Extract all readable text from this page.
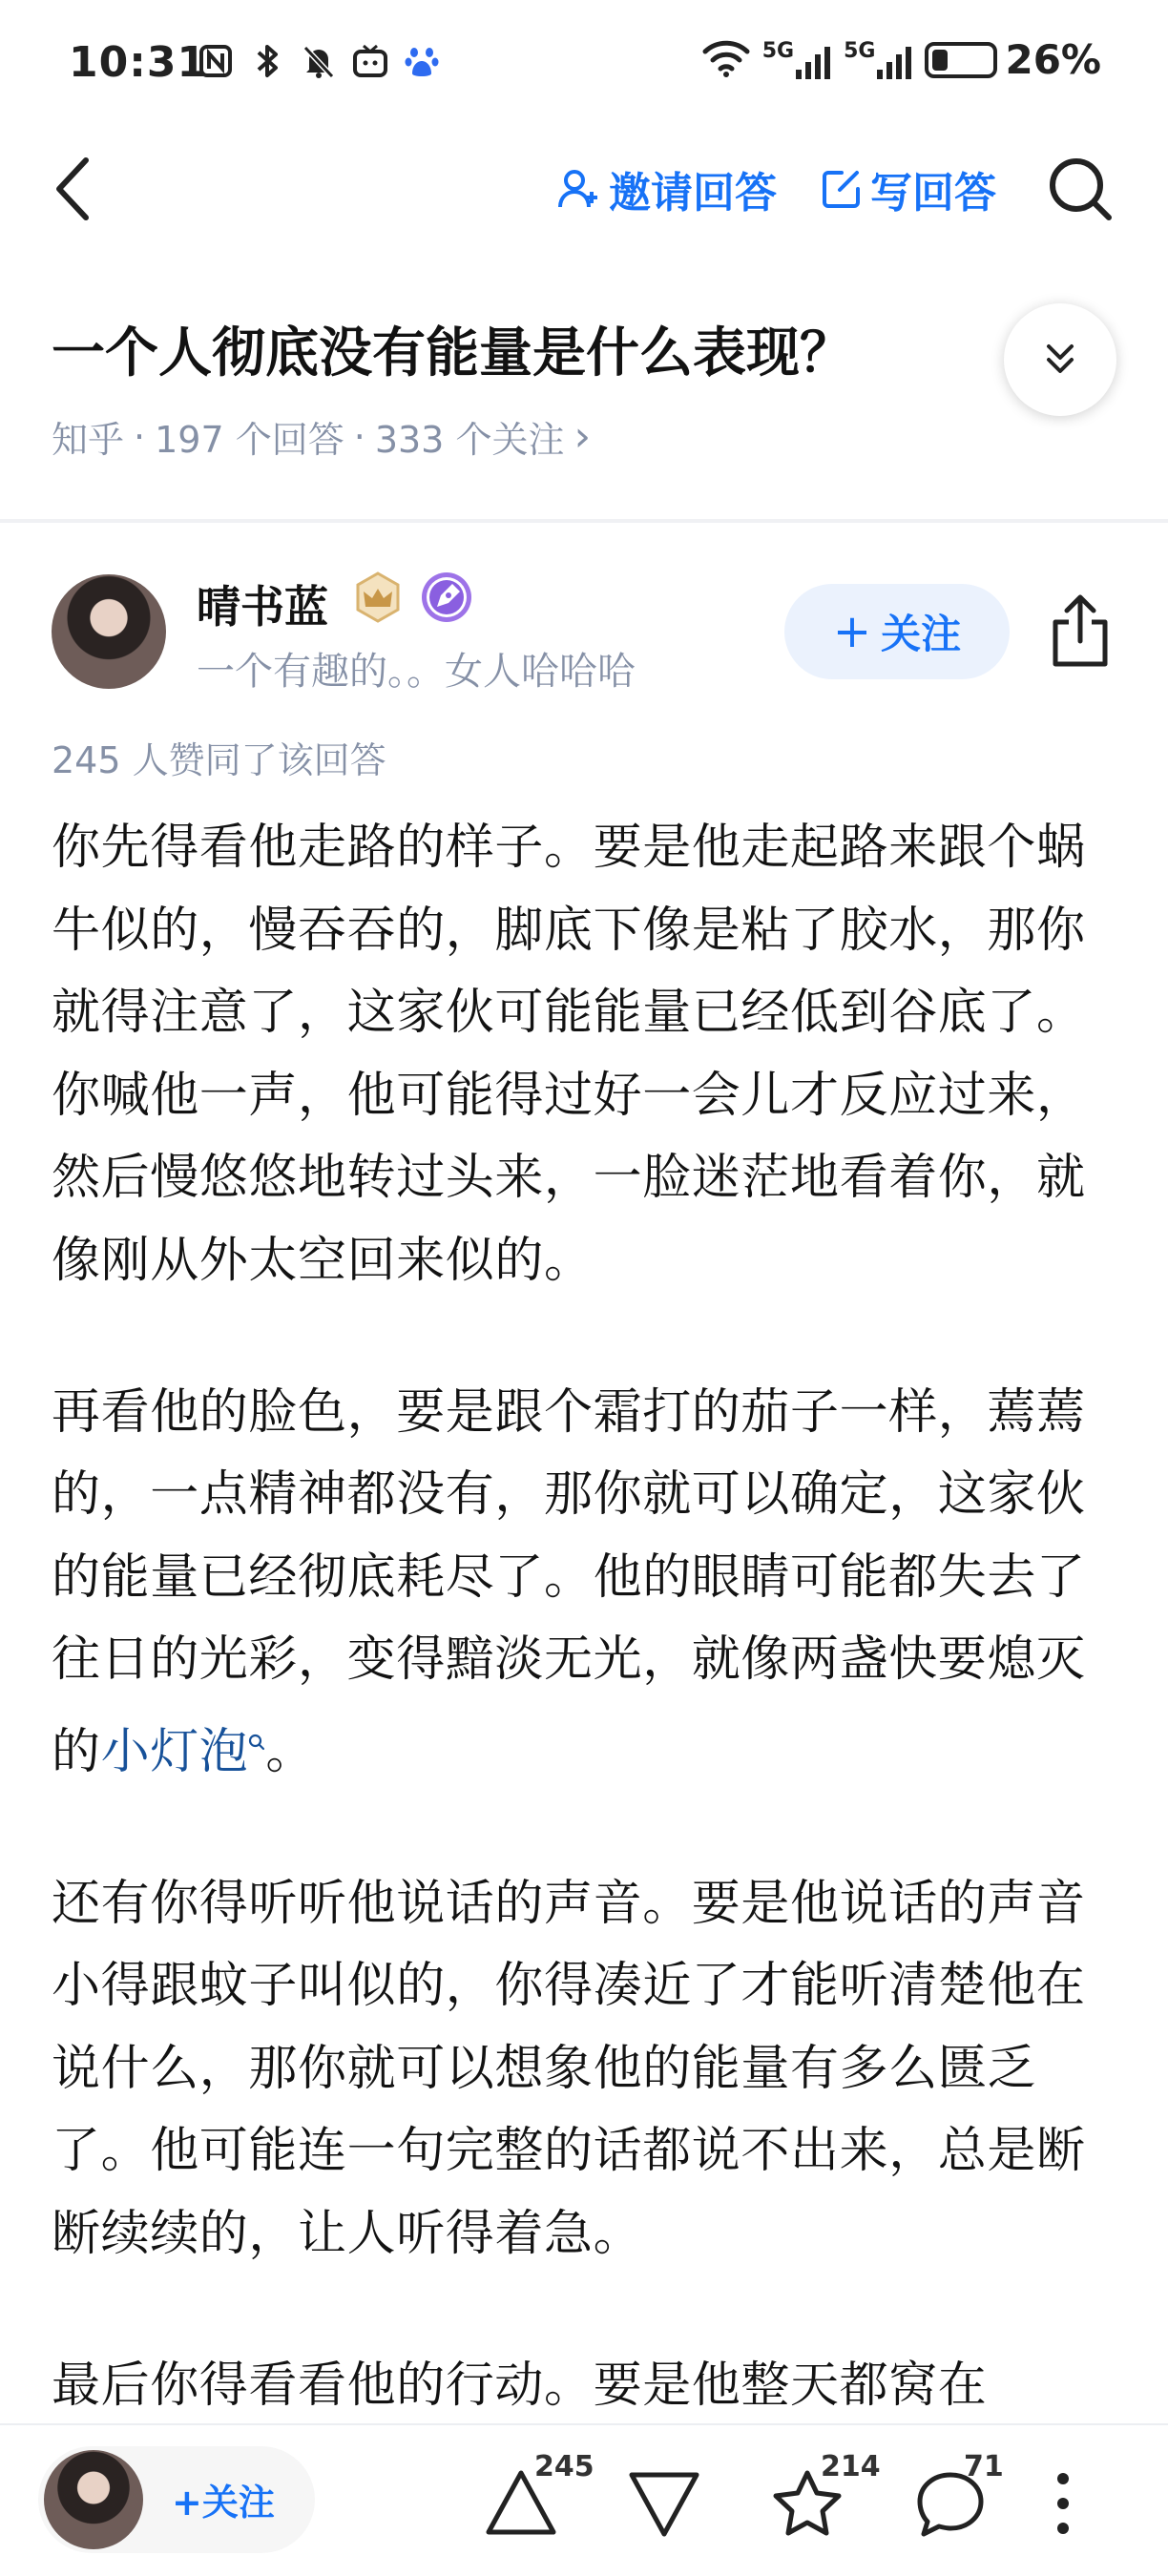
10:31	5G 5G	26%
邀请回答 写回答
一个人彻底没有能量是什么表现？
知乎 · 197 个回答 · 333 个关注 ›
晴书蓝
一个有趣的。。女人哈哈哈
+ 关注
245 人赞同了该回答

你先得看他走路的样子。要是他走起路来跟个蜗牛似的，慢吞吞的，脚底下像是粘了胶水，那你就得注意了，这家伙可能能量已经低到谷底了。你喊他一声，他可能得过好一会儿才反应过来，然后慢悠悠地转过头来，一脸迷茫地看着你，就像刚从外太空回来似的。

再看他的脸色，要是跟个霜打的茄子一样，蔫蔫的，一点精神都没有，那你就可以确定，这家伙的能量已经彻底耗尽了。他的眼睛可能都失去了往日的光彩，变得黯淡无光，就像两盏快要熄灭的小灯泡 。

还有你得听听他说话的声音。要是他说话的声音小得跟蚊子叫似的，你得凑近了才能听清楚他在说什么，那你就可以想象他的能量有多么匮乏了。他可能连一句完整的话都说不出来，总是断断续续的，让人听得着急。

最后你得看看他的行动。要是他整天都窝在

+关注
245	214	71
